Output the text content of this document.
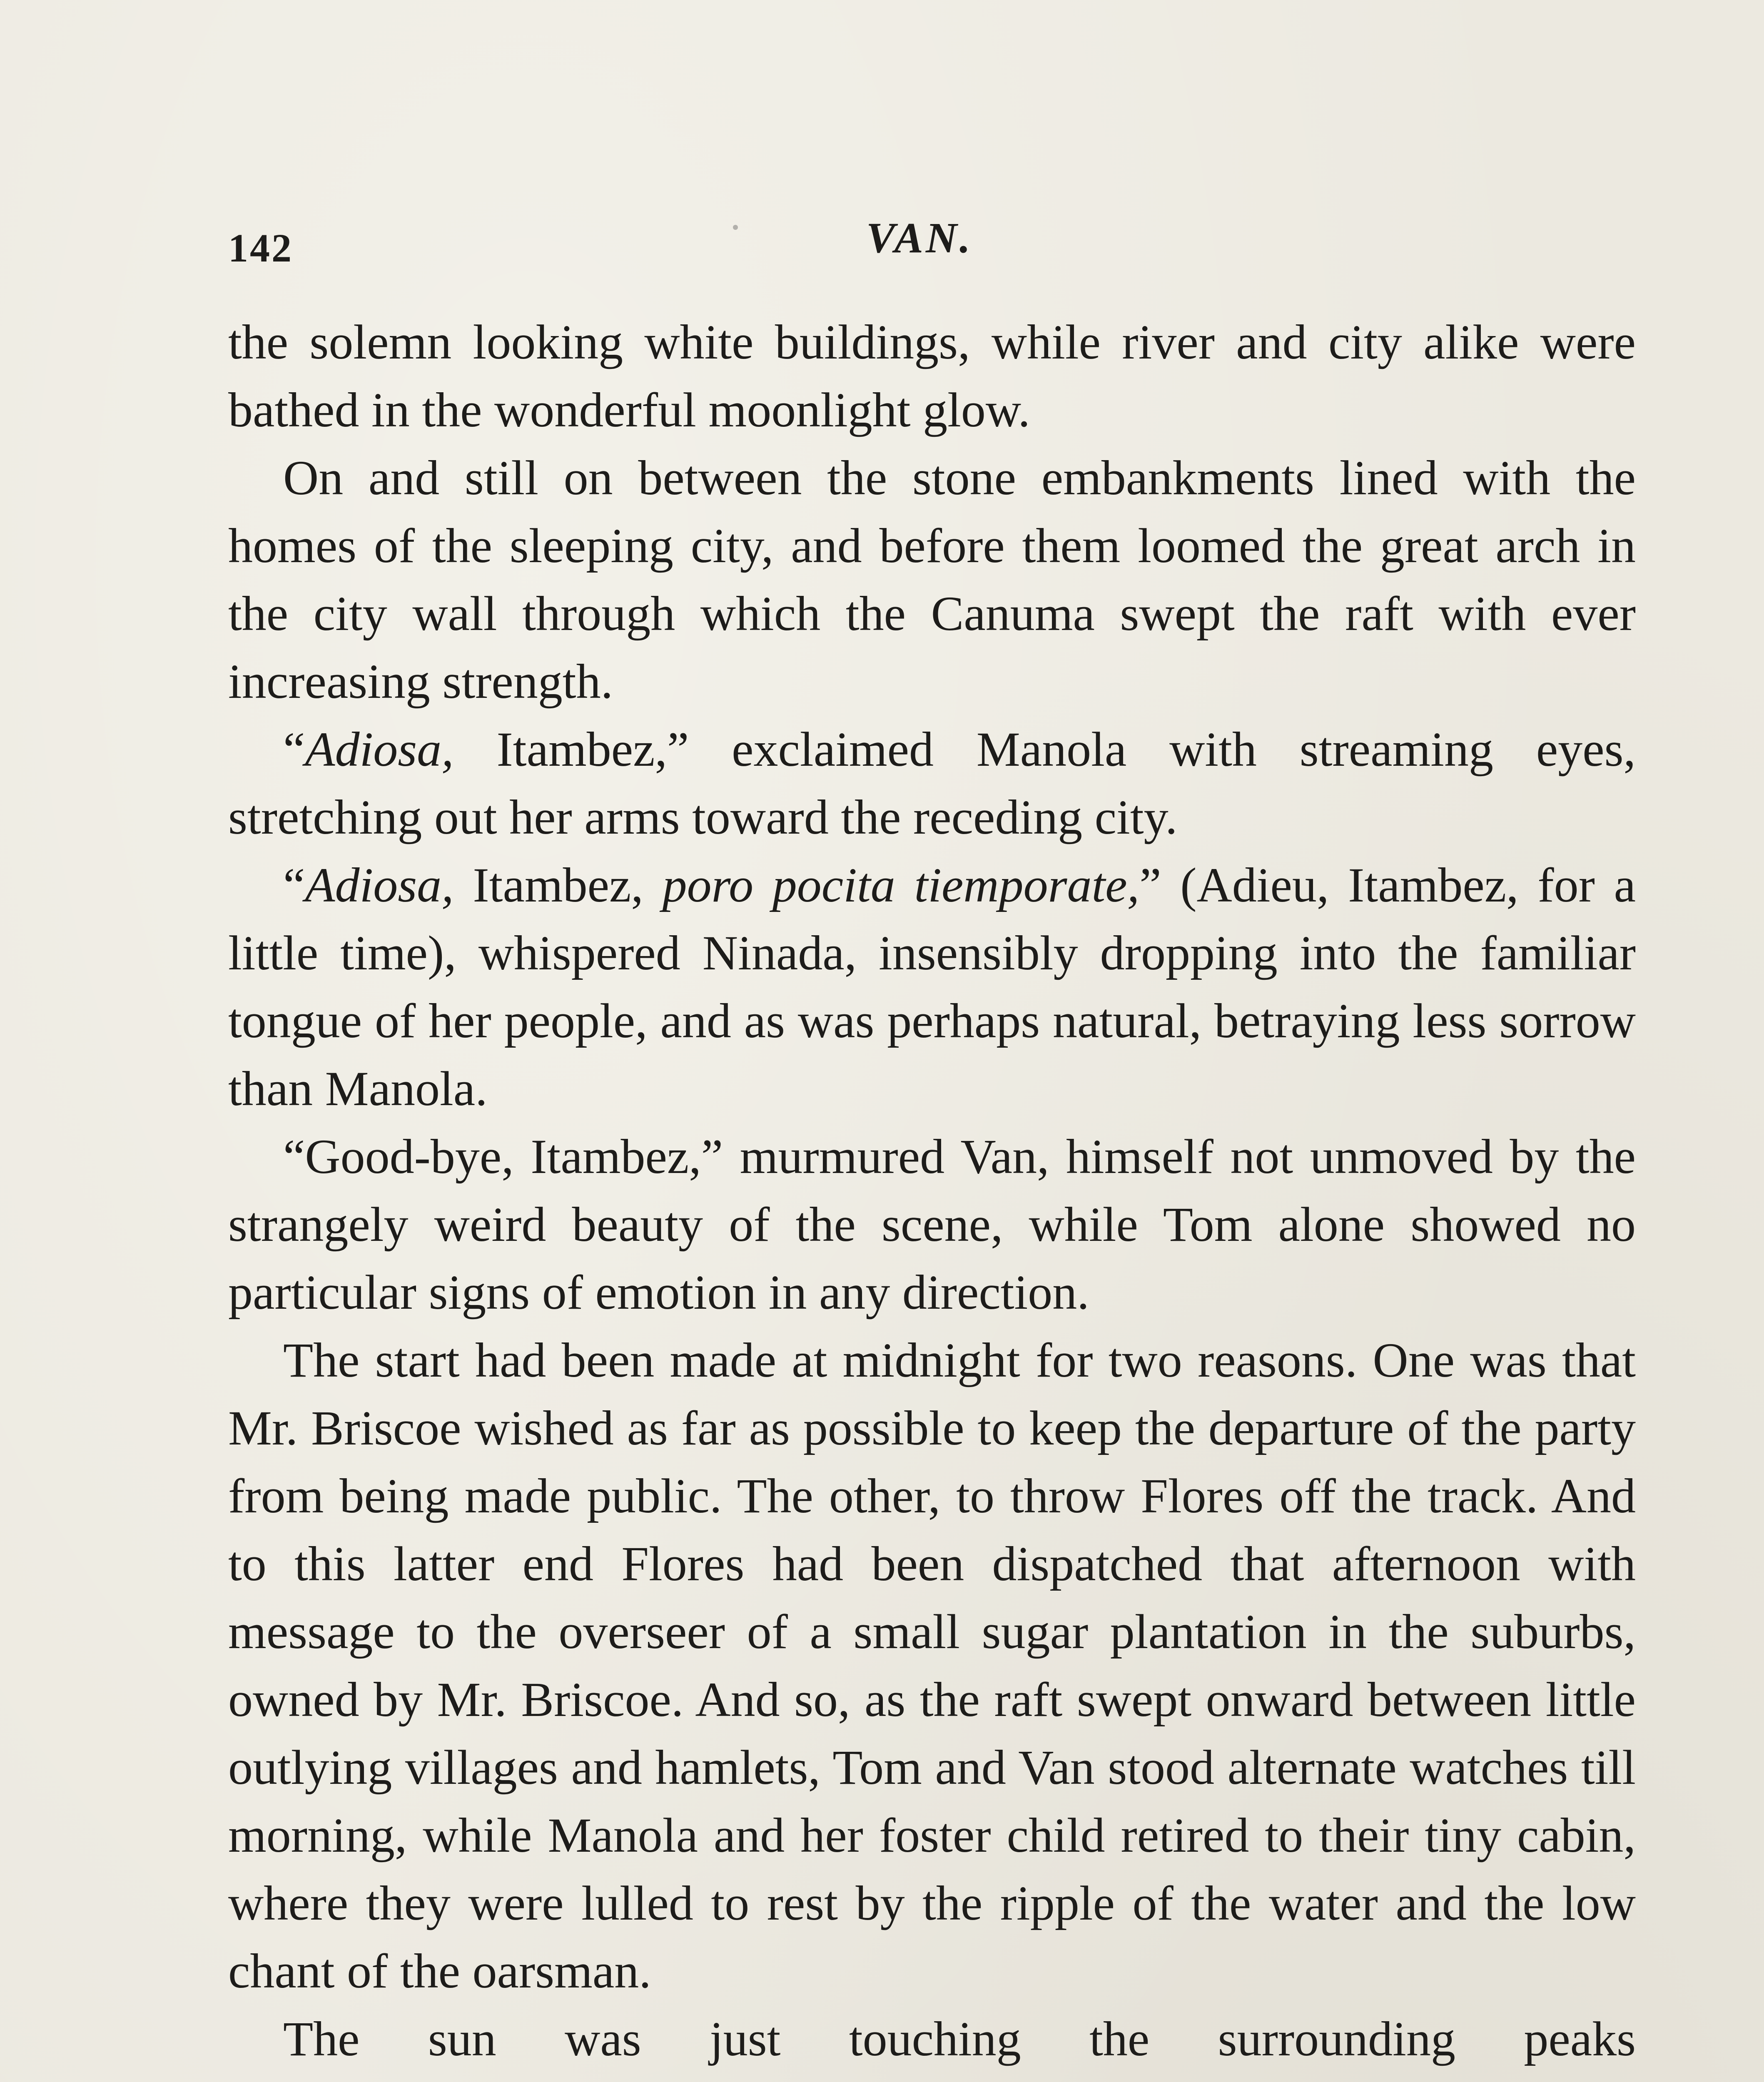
142	VAN.

the solemn looking white buildings, while river and city alike were bathed in the wonderful moonlight glow.

On and still on between the stone embankments lined with the homes of the sleeping city, and before them loomed the great arch in the city wall through which the Canuma swept the raft with ever increasing strength.

“Adiosa, Itambez,” exclaimed Manola with streaming eyes, stretching out her arms toward the receding city.

“Adiosa, Itambez, poro pocita tiemporate,” (Adieu, Itambez, for a little time), whispered Ninada, insensibly dropping into the familiar tongue of her people, and as was perhaps natural, betraying less sorrow than Manola.

“Good-bye, Itambez,” murmured Van, himself not unmoved by the strangely weird beauty of the scene, while Tom alone showed no particular signs of emotion in any direction.

The start had been made at midnight for two reasons. One was that Mr. Briscoe wished as far as possible to keep the departure of the party from being made public. The other, to throw Flores off the track. And to this latter end Flores had been dispatched that afternoon with message to the overseer of a small sugar plantation in the suburbs, owned by Mr. Briscoe. And so, as the raft swept onward between little outlying villages and hamlets, Tom and Van stood alternate watches till morning, while Manola and her foster child retired to their tiny cabin, where they were lulled to rest by the ripple of the water and the low chant of the oarsman.

The sun was just touching the surrounding peaks
